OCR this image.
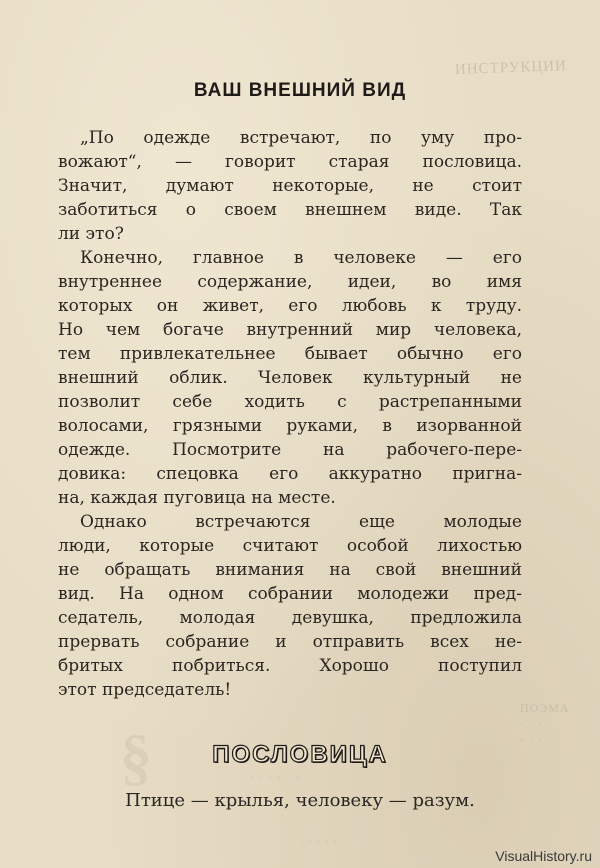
ИНСТРУКЦИИ
§
ПОЭМА
· · ·
· · ·
· · · · · ·
· · · · ·
ВАШ ВНЕШНИЙ ВИД
„По одежде встречают, по уму про-
вожают“, — говорит старая пословица.
Значит, думают некоторые, не стоит
заботиться о своем внешнем виде. Так
ли это?
Конечно, главное в человеке — его
внутреннее содержание, идеи, во имя
которых он живет, его любовь к труду.
Но чем богаче внутренний мир человека,
тем привлекательнее бывает обычно его
внешний облик. Человек культурный не
позволит себе ходить с растрепанными
волосами, грязными руками, в изорванной
одежде. Посмотрите на рабочего-пере-
довика: спецовка его аккуратно пригна-
на, каждая пуговица на месте.
Однако встречаются еще молодые
люди, которые считают особой лихостью
не обращать внимания на свой внешний
вид. На одном собрании молодежи пред-
седатель, молодая девушка, предложила
прервать собрание и отправить всех не-
бритых побриться. Хорошо поступил
этот председатель!
ПОСЛОВИЦА
Птице — крылья, человеку — разум.
VisualHistory.ru
